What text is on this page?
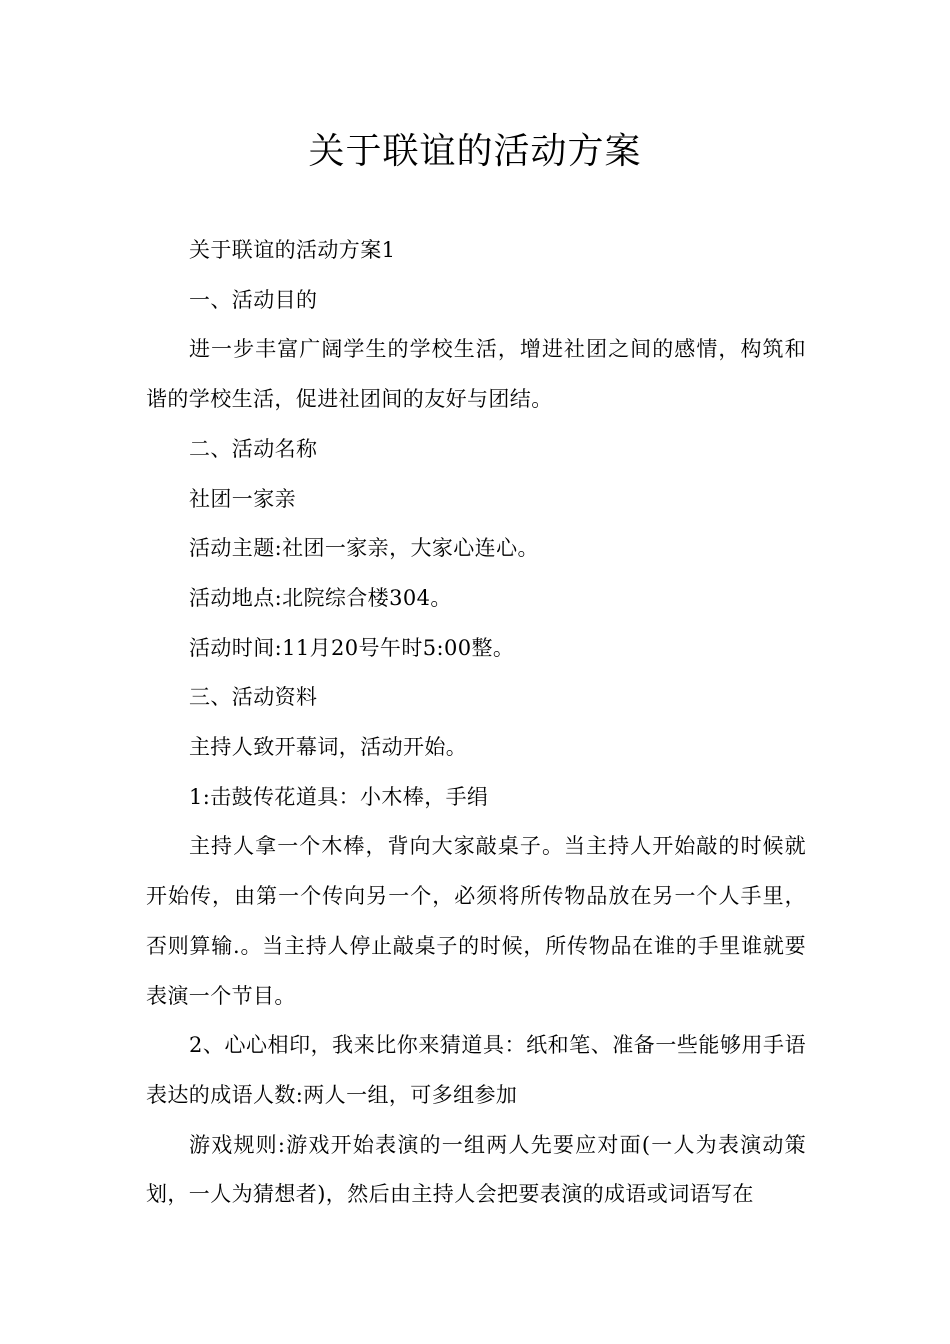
关于联谊的活动方案

关于联谊的活动方案1

一、活动目的

进一步丰富广阔学生的学校生活，增进社团之间的感情，构筑和谐的学校生活，促进社团间的友好与团结。

二、活动名称

社团一家亲

活动主题:社团一家亲，大家心连心。

活动地点:北院综合楼304。

活动时间:11月20号午时5:00整。

三、活动资料

主持人致开幕词，活动开始。

1:击鼓传花道具：小木棒，手绢

主持人拿一个木棒，背向大家敲桌子。当主持人开始敲的时候就开始传，由第一个传向另一个，必须将所传物品放在另一个人手里，否则算输.。当主持人停止敲桌子的时候，所传物品在谁的手里谁就要表演一个节目。

2、心心相印，我来比你来猜道具：纸和笔、准备一些能够用手语表达的成语人数:两人一组，可多组参加

游戏规则:游戏开始表演的一组两人先要应对面(一人为表演动策划，一人为猜想者)，然后由主持人会把要表演的成语或词语写在
